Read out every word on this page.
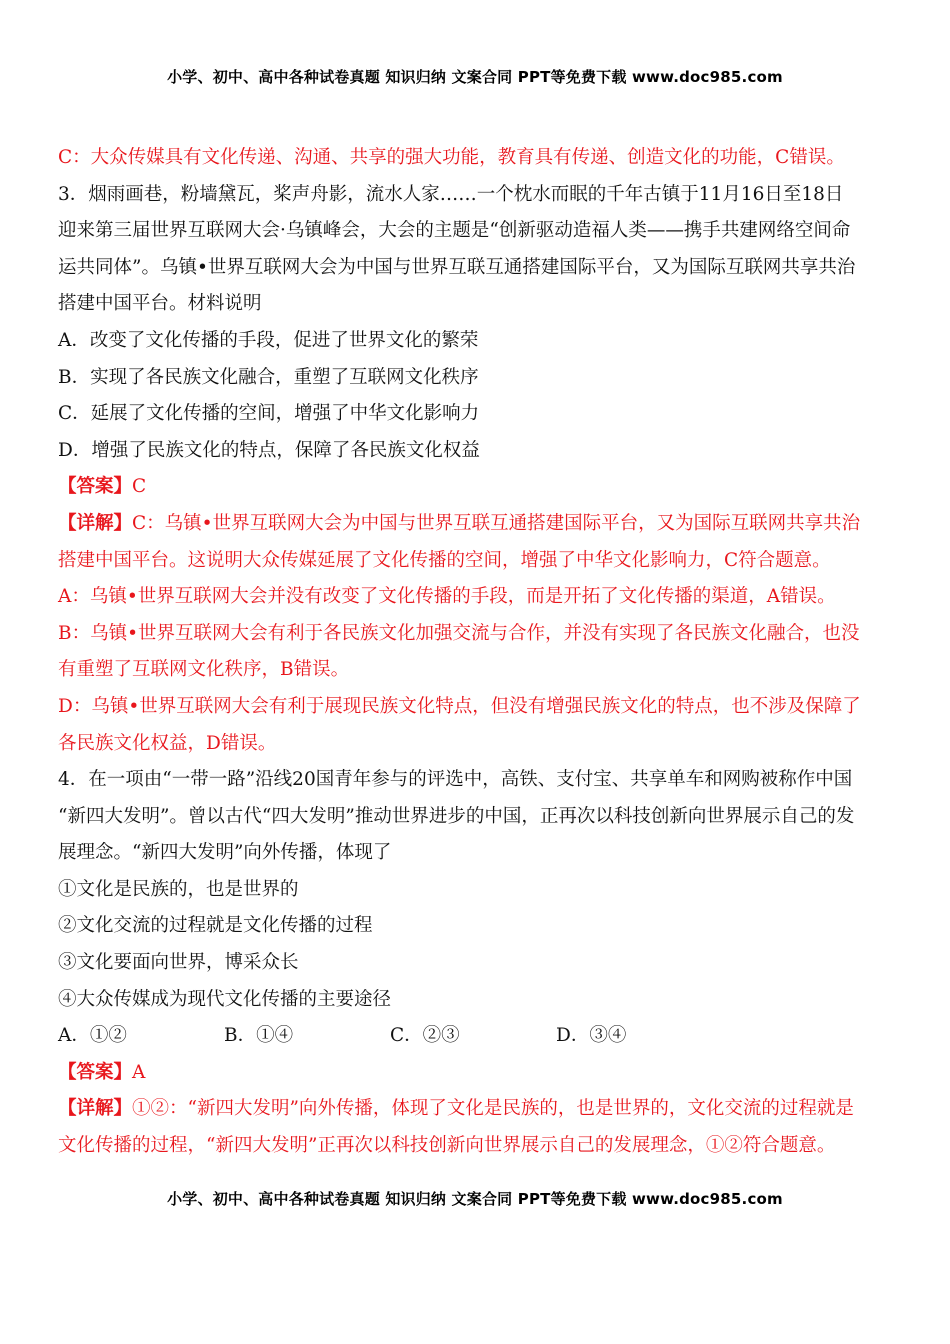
小学、初中、高中各种试卷真题 知识归纳 文案合同 PPT等免费下载 www.doc985.com
C：大众传媒具有文化传递、沟通、共享的强大功能，教育具有传递、创造文化的功能，C错误。
3．烟雨画巷，粉墙黛瓦，桨声舟影，流水人家……一个枕水而眠的千年古镇于11月16日至18日
迎来第三届世界互联网大会·乌镇峰会，大会的主题是“创新驱动造福人类——携手共建网络空间命
运共同体”。乌镇•世界互联网大会为中国与世界互联互通搭建国际平台，又为国际互联网共享共治
搭建中国平台。材料说明
A．改变了文化传播的手段，促进了世界文化的繁荣
B．实现了各民族文化融合，重塑了互联网文化秩序
C．延展了文化传播的空间，增强了中华文化影响力
D．增强了民族文化的特点，保障了各民族文化权益
【答案】C
【详解】C：乌镇•世界互联网大会为中国与世界互联互通搭建国际平台，又为国际互联网共享共治
搭建中国平台。这说明大众传媒延展了文化传播的空间，增强了中华文化影响力，C符合题意。
A：乌镇•世界互联网大会并没有改变了文化传播的手段，而是开拓了文化传播的渠道，A错误。
B：乌镇•世界互联网大会有利于各民族文化加强交流与合作，并没有实现了各民族文化融合，也没
有重塑了互联网文化秩序，B错误。
D：乌镇•世界互联网大会有利于展现民族文化特点，但没有增强民族文化的特点，也不涉及保障了
各民族文化权益，D错误。
4．在一项由“一带一路”沿线20国青年参与的评选中，高铁、支付宝、共享单车和网购被称作中国
“新四大发明”。曾以古代“四大发明”推动世界进步的中国，正再次以科技创新向世界展示自己的发
展理念。“新四大发明”向外传播，体现了
①文化是民族的，也是世界的
②文化交流的过程就是文化传播的过程
③文化要面向世界，博采众长
④大众传媒成为现代文化传播的主要途径
A．①②	B．①④	C．②③	D．③④
【答案】A
【详解】①②：“新四大发明”向外传播，体现了文化是民族的，也是世界的，文化交流的过程就是
文化传播的过程，“新四大发明”正再次以科技创新向世界展示自己的发展理念，①②符合题意。
小学、初中、高中各种试卷真题 知识归纳 文案合同 PPT等免费下载 www.doc985.com
